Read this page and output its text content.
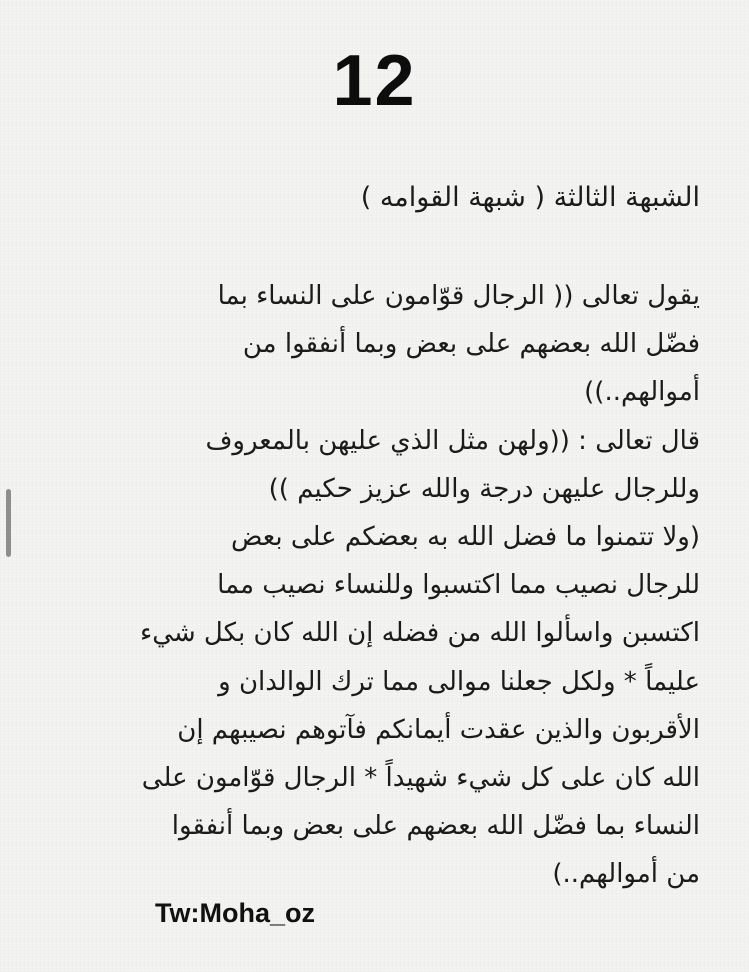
12
الشبهة الثالثة ( شبهة القوامه )
يقول تعالى (( الرجال قوّامون على النساء بما
فضّل الله بعضهم على بعض وبما أنفقوا من
أموالهم..))
قال تعالى : ((ولهن مثل الذي عليهن بالمعروف
وللرجال عليهن درجة والله عزيز حكيم ))
(ولا تتمنوا ما فضل الله به بعضكم على بعض
للرجال نصيب مما اكتسبوا وللنساء نصيب مما
اكتسبن واسألوا الله من فضله إن الله كان بكل شيء
عليماً * ولكل جعلنا موالى مما ترك الوالدان و
الأقربون والذين عقدت أيمانكم فآتوهم نصيبهم إن
الله كان على كل شيء شهيداً * الرجال قوّامون على
النساء بما فضّل الله بعضهم على بعض وبما أنفقوا
من أموالهم..)
Tw:Moha_oz
